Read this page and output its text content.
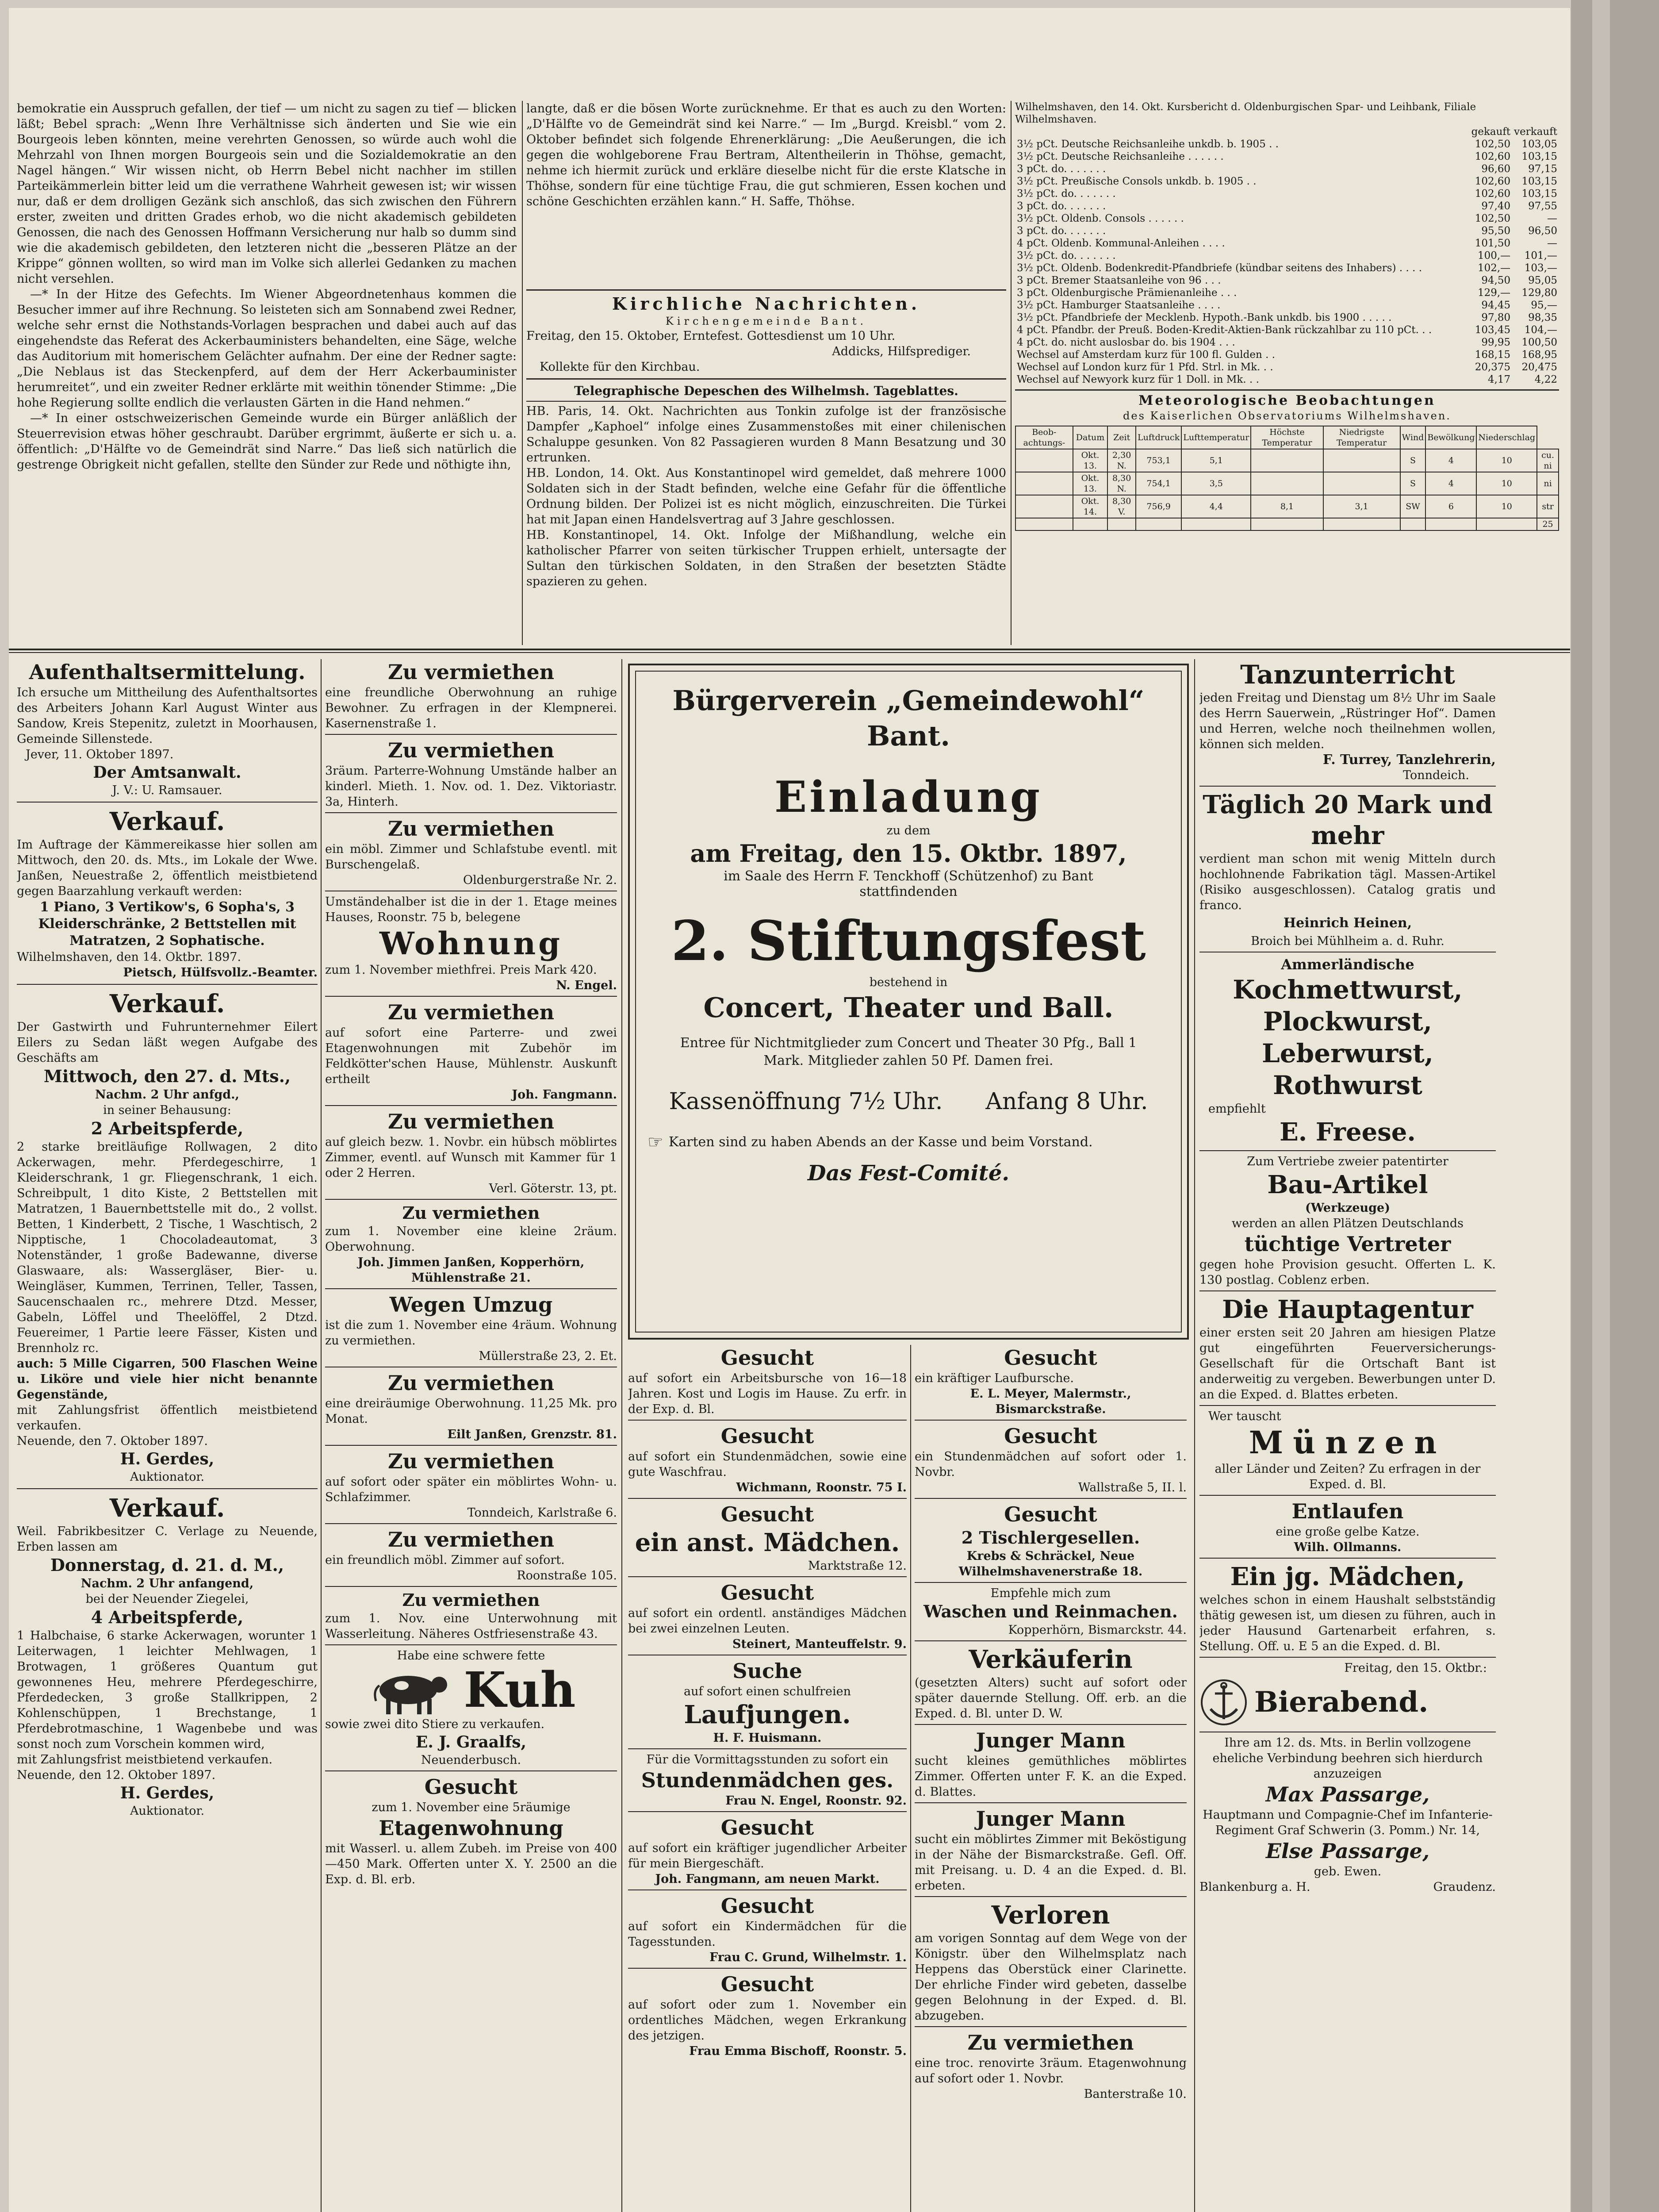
bemokratie ein Ausspruch gefallen, der tief — um nicht zu sagen zu tief — blicken läßt; Bebel sprach: „Wenn Ihre Verhältnisse sich änderten und Sie wie ein Bourgeois leben könnten, meine verehrten Genossen, so würde auch wohl die Mehrzahl von Ihnen morgen Bourgeois sein und die Sozialdemokratie an den Nagel hängen.“ Wir wissen nicht, ob Herrn Bebel nicht nachher im stillen Parteikämmerlein bitter leid um die verrathene Wahrheit gewesen ist; wir wissen nur, daß er dem drolligen Gezänk sich anschloß, das sich zwischen den Führern erster, zweiten und dritten Grades erhob, wo die nicht akademisch gebildeten Genossen, die nach des Genossen Hoffmann Versicherung nur halb so dumm sind wie die akademisch gebildeten, den letzteren nicht die „besseren Plätze an der Krippe“ gönnen wollten, so wird man im Volke sich allerlei Gedanken zu machen nicht versehlen.

—* In der Hitze des Gefechts. Im Wiener Abgeordnetenhaus kommen die Besucher immer auf ihre Rechnung. So leisteten sich am Sonnabend zwei Redner, welche sehr ernst die Nothstands-Vorlagen besprachen und dabei auch auf das eingehendste das Referat des Ackerbauministers behandelten, eine Säge, welche das Auditorium mit homerischem Gelächter aufnahm. Der eine der Redner sagte: „Die Neblaus ist das Steckenpferd, auf dem der Herr Ackerbauminister herumreitet“, und ein zweiter Redner erklärte mit weithin tönender Stimme: „Die hohe Regierung sollte endlich die verlausten Gärten in die Hand nehmen.“

—* In einer ostschweizerischen Gemeinde wurde ein Bürger anläßlich der Steuerrevision etwas höher geschraubt. Darüber ergrimmt, äußerte er sich u. a. öffentlich: „D'Hälfte vo de Gemeindrät sind Narre.“ Das ließ sich natürlich die gestrenge Obrigkeit nicht gefallen, stellte den Sünder zur Rede und nöthigte ihn,

langte, daß er die bösen Worte zurücknehme. Er that es auch zu den Worten: „D'Hälfte vo de Gemeindrät sind kei Narre.“ — Im „Burgd. Kreisbl.“ vom 2. Oktober befindet sich folgende Ehrenerklärung: „Die Aeußerungen, die ich gegen die wohlgeborene Frau Bertram, Altentheilerin in Thöhse, gemacht, nehme ich hiermit zurück und erkläre dieselbe nicht für die erste Klatsche in Thöhse, sondern für eine tüchtige Frau, die gut schmieren, Essen kochen und schöne Geschichten erzählen kann.“ H. Saffe, Thöhse.
Kirchliche Nachrichten.
Kirchengemeinde Bant.
Freitag, den 15. Oktober, Erntefest. Gottesdienst um 10 Uhr.
Addicks, Hilfsprediger.
Kollekte für den Kirchbau.
Telegraphische Depeschen des Wilhelmsh. Tageblattes.
HB. Paris, 14. Okt. Nachrichten aus Tonkin zufolge ist der französische Dampfer „Kaphoel“ infolge eines Zusammenstoßes mit einer chilenischen Schaluppe gesunken. Von 82 Passagieren wurden 8 Mann Besatzung und 30 ertrunken.
HB. London, 14. Okt. Aus Konstantinopel wird gemeldet, daß mehrere 1000 Soldaten sich in der Stadt befinden, welche eine Gefahr für die öffentliche Ordnung bilden. Der Polizei ist es nicht möglich, einzuschreiten. Die Türkei hat mit Japan einen Handelsvertrag auf 3 Jahre geschlossen.
HB. Konstantinopel, 14. Okt. Infolge der Mißhandlung, welche ein katholischer Pfarrer von seiten türkischer Truppen erhielt, untersagte der Sultan den türkischen Soldaten, in den Straßen der besetzten Städte spazieren zu gehen.
Wilhelmshaven, den 14. Okt. Kursbericht d. Oldenburgischen Spar- und Leihbank, Filiale Wilhelmshaven.
	gekauft	verkauft
3½ pCt. Deutsche Reichsanleihe unkdb. b. 1905 . .	102,50	103,05
3½ pCt. Deutsche Reichsanleihe . . . . . .	102,60	103,15
3 pCt. do. . . . . . .	96,60	97,15
3½ pCt. Preußische Consols unkdb. b. 1905 . .	102,60	103,15
3½ pCt. do. . . . . . .	102,60	103,15
3 pCt. do. . . . . . .	97,40	97,55
3½ pCt. Oldenb. Consols . . . . . .	102,50	—
3 pCt. do. . . . . . .	95,50	96,50
4 pCt. Oldenb. Kommunal-Anleihen . . . .	101,50	—
3½ pCt. do. . . . . . .	100,—	101,—
3½ pCt. Oldenb. Bodenkredit-Pfandbriefe (kündbar seitens des Inhabers) . . . .	102,—	103,—
3 pCt. Bremer Staatsanleihe von 96 . . .	94,50	95,05
3 pCt. Oldenburgische Prämienanleihe . . .	129,—	129,80
3½ pCt. Hamburger Staatsanleihe . . . .	94,45	95,—
3½ pCt. Pfandbriefe der Mecklenb. Hypoth.-Bank unkdb. bis 1900 . . . . .	97,80	98,35
4 pCt. Pfandbr. der Preuß. Boden-Kredit-Aktien-Bank rückzahlbar zu 110 pCt. . .	103,45	104,—
4 pCt. do. nicht auslosbar do. bis 1904 . . .	99,95	100,50
Wechsel auf Amsterdam kurz für 100 fl. Gulden . .	168,15	168,95
Wechsel auf London kurz für 1 Pfd. Strl. in Mk. . .	20,375	20,475
Wechsel auf Newyork kurz für 1 Doll. in Mk. . .	4,17	4,22
Meteorologische Beobachtungen
des Kaiserlichen Observatoriums Wilhelmshaven.
Beob-achtungs-	Datum	Zeit	Luftdruck	Lufttemperatur	Höchste Temperatur	Niedrigste Temperatur	Wind	Bewölkung	Niederschlag	
	Okt. 13.	2,30 N.	753,1	5,1			S	4	10	cu. ni
	Okt. 13.	8,30 N.	754,1	3,5			S	4	10	ni
	Okt. 14.	8,30 V.	756,9	4,4	8,1	3,1	SW	6	10	str
										25
Aufenthaltsermittelung.
Ich ersuche um Mittheilung des Aufenthaltsortes des Arbeiters Johann Karl August Winter aus Sandow, Kreis Stepenitz, zuletzt in Moorhausen, Gemeinde Sillenstede.
Jever, 11. Oktober 1897.
Der Amtsanwalt.
J. V.: U. Ramsauer.
Verkauf.
Im Auftrage der Kämmereikasse hier sollen am Mittwoch, den 20. ds. Mts., im Lokale der Wwe. Janßen, Neuestraße 2, öffentlich meistbietend gegen Baarzahlung verkauft werden:
1 Piano, 3 Vertikow's, 6 Sopha's, 3 Kleiderschränke, 2 Bettstellen mit Matratzen, 2 Sophatische.
Wilhelmshaven, den 14. Oktbr. 1897.
Pietsch, Hülfsvollz.-Beamter.
Verkauf.
Der Gastwirth und Fuhrunternehmer Eilert Eilers zu Sedan läßt wegen Aufgabe des Geschäfts am
Mittwoch, den 27. d. Mts.,
Nachm. 2 Uhr anfgd.,
in seiner Behausung:
2 Arbeitspferde,
2 starke breitläufige Rollwagen, 2 dito Ackerwagen, mehr. Pferdegeschirre, 1 Kleiderschrank, 1 gr. Fliegenschrank, 1 eich. Schreibpult, 1 dito Kiste, 2 Bettstellen mit Matratzen, 1 Bauernbettstelle mit do., 2 vollst. Betten, 1 Kinderbett, 2 Tische, 1 Waschtisch, 2 Nipptische, 1 Chocoladeautomat, 3 Notenständer, 1 große Badewanne, diverse Glaswaare, als: Wassergläser, Bier- u. Weingläser, Kummen, Terrinen, Teller, Tassen, Saucenschaalen rc., mehrere Dtzd. Messer, Gabeln, Löffel und Theelöffel, 2 Dtzd. Feuereimer, 1 Partie leere Fässer, Kisten und Brennholz rc.
auch: 5 Mille Cigarren, 500 Flaschen Weine u. Liköre und viele hier nicht benannte Gegenstände,
mit Zahlungsfrist öffentlich meistbietend verkaufen.
Neuende, den 7. Oktober 1897.
H. Gerdes,
Auktionator.
Verkauf.
Weil. Fabrikbesitzer C. Verlage zu Neuende, Erben lassen am
Donnerstag, d. 21. d. M.,
Nachm. 2 Uhr anfangend,
bei der Neuender Ziegelei,
4 Arbeitspferde,
1 Halbchaise, 6 starke Ackerwagen, worunter 1 Leiterwagen, 1 leichter Mehlwagen, 1 Brotwagen, 1 größeres Quantum gut gewonnenes Heu, mehrere Pferdegeschirre, Pferdedecken, 3 große Stallkrippen, 2 Kohlenschüppen, 1 Brechstange, 1 Pferdebrotmaschine, 1 Wagenbebe und was sonst noch zum Vorschein kommen wird,
mit Zahlungsfrist meistbietend verkaufen.
Neuende, den 12. Oktober 1897.
H. Gerdes,
Auktionator.
Zu vermiethen
eine freundliche Oberwohnung an ruhige Bewohner. Zu erfragen in der Klempnerei. Kasernenstraße 1.
Zu vermiethen
3räum. Parterre-Wohnung Umstände halber an kinderl. Mieth. 1. Nov. od. 1. Dez. Viktoriastr. 3a, Hinterh.
Zu vermiethen
ein möbl. Zimmer und Schlafstube eventl. mit Burschengelaß.
Oldenburgerstraße Nr. 2.
Umständehalber ist die in der 1. Etage meines Hauses, Roonstr. 75 b, belegene
Wohnung
zum 1. November miethfrei. Preis Mark 420.
N. Engel.
Zu vermiethen
auf sofort eine Parterre- und zwei Etagenwohnungen mit Zubehör im Feldkötter'schen Hause, Mühlenstr. Auskunft ertheilt
Joh. Fangmann.
Zu vermiethen
auf gleich bezw. 1. Novbr. ein hübsch möblirtes Zimmer, eventl. auf Wunsch mit Kammer für 1 oder 2 Herren.
Verl. Göterstr. 13, pt.
Zu vermiethen
zum 1. November eine kleine 2räum. Oberwohnung.
Joh. Jimmen Janßen, Kopperhörn, Mühlenstraße 21.
Wegen Umzug
ist die zum 1. November eine 4räum. Wohnung zu vermiethen.
Müllerstraße 23, 2. Et.
Zu vermiethen
eine dreiräumige Oberwohnung. 11,25 Mk. pro Monat.
Eilt Janßen, Grenzstr. 81.
Zu vermiethen
auf sofort oder später ein möblirtes Wohn- u. Schlafzimmer.
Tonndeich, Karlstraße 6.
Zu vermiethen
ein freundlich möbl. Zimmer auf sofort.
Roonstraße 105.
Zu vermiethen
zum 1. Nov. eine Unterwohnung mit Wasserleitung. Näheres Ostfriesenstraße 43.
Habe eine schwere fette
Kuh
sowie zwei dito Stiere zu verkaufen.
E. J. Graalfs,
Neuenderbusch.
Gesucht
zum 1. November eine 5räumige
Etagenwohnung
mit Wasserl. u. allem Zubeh. im Preise von 400—450 Mark. Offerten unter X. Y. 2500 an die Exp. d. Bl. erb.
Bürgerverein „Gemeindewohl“ Bant.
Einladung
zu dem
am Freitag, den 15. Oktbr. 1897,
im Saale des Herrn F. Tenckhoff (Schützenhof) zu Bant
stattfindenden
2. Stiftungsfest
bestehend in
Concert, Theater und Ball.
Entree für Nichtmitglieder zum Concert und Theater 30 Pfg., Ball 1 Mark. Mitglieder zahlen 50 Pf. Damen frei.
Kassenöffnung 7½ Uhr. Anfang 8 Uhr.
☞ Karten sind zu haben Abends an der Kasse und beim Vorstand.
Das Fest-Comité.
Gesucht
auf sofort ein Arbeitsbursche von 16—18 Jahren. Kost und Logis im Hause. Zu erfr. in der Exp. d. Bl.
Gesucht
auf sofort ein Stundenmädchen, sowie eine gute Waschfrau.
Wichmann, Roonstr. 75 I.
Gesucht
ein anst. Mädchen.
Marktstraße 12.
Gesucht
auf sofort ein ordentl. anständiges Mädchen bei zwei einzelnen Leuten.
Steinert, Manteuffelstr. 9.
Suche
auf sofort einen schulfreien
Laufjungen.
H. F. Huismann.
Für die Vormittagsstunden zu sofort ein
Stundenmädchen ges.
Frau N. Engel, Roonstr. 92.
Gesucht
auf sofort ein kräftiger jugendlicher Arbeiter für mein Biergeschäft.
Joh. Fangmann, am neuen Markt.
Gesucht
auf sofort ein Kindermädchen für die Tagesstunden.
Frau C. Grund, Wilhelmstr. 1.
Gesucht
auf sofort oder zum 1. November ein ordentliches Mädchen, wegen Erkrankung des jetzigen.
Frau Emma Bischoff, Roonstr. 5.
Gesucht
ein kräftiger Laufbursche.
E. L. Meyer, Malermstr., Bismarckstraße.
Gesucht
ein Stundenmädchen auf sofort oder 1. Novbr.
Wallstraße 5, II. l.
Gesucht
2 Tischlergesellen.
Krebs & Schräckel, Neue Wilhelmshavenerstraße 18.
Empfehle mich zum
Waschen und Reinmachen.
Kopperhörn, Bismarckstr. 44.
Verkäuferin
(gesetzten Alters) sucht auf sofort oder später dauernde Stellung. Off. erb. an die Exped. d. Bl. unter D. W.
Junger Mann
sucht kleines gemüthliches möblirtes Zimmer. Offerten unter F. K. an die Exped. d. Blattes.
Junger Mann
sucht ein möblirtes Zimmer mit Beköstigung in der Nähe der Bismarckstraße. Gefl. Off. mit Preisang. u. D. 4 an die Exped. d. Bl. erbeten.
Verloren
am vorigen Sonntag auf dem Wege von der Königstr. über den Wilhelmsplatz nach Heppens das Oberstück einer Clarinette. Der ehrliche Finder wird gebeten, dasselbe gegen Belohnung in der Exped. d. Bl. abzugeben.
Zu vermiethen
eine troc. renovirte 3räum. Etagenwohnung auf sofort oder 1. Novbr.
Banterstraße 10.
Tanzunterricht
jeden Freitag und Dienstag um 8½ Uhr im Saale des Herrn Sauerwein, „Rüstringer Hof“. Damen und Herren, welche noch theilnehmen wollen, können sich melden.
F. Turrey, Tanzlehrerin,
Tonndeich.
Täglich 20 Mark und mehr
verdient man schon mit wenig Mitteln durch hochlohnende Fabrikation tägl. Massen-Artikel (Risiko ausgeschlossen). Catalog gratis und franco.
Heinrich Heinen,
Broich bei Mühlheim a. d. Ruhr.
Ammerländische
Kochmettwurst,
Plockwurst,
Leberwurst,
Rothwurst
empfiehlt
E. Freese.
Zum Vertriebe zweier patentirter
Bau-Artikel
(Werkzeuge)
werden an allen Plätzen Deutschlands
tüchtige Vertreter
gegen hohe Provision gesucht. Offerten L. K. 130 postlag. Coblenz erben.
Die Hauptagentur
einer ersten seit 20 Jahren am hiesigen Platze gut eingeführten Feuerversicherungs-Gesellschaft für die Ortschaft Bant ist anderweitig zu vergeben. Bewerbungen unter D. an die Exped. d. Blattes erbeten.
Wer tauscht
Münzen
aller Länder und Zeiten? Zu erfragen in der Exped. d. Bl.
Entlaufen
eine große gelbe Katze.
Wilh. Ollmanns.
Ein jg. Mädchen,
welches schon in einem Haushalt selbstständig thätig gewesen ist, um diesen zu führen, auch in jeder Hausund Gartenarbeit erfahren, s. Stellung. Off. u. E 5 an die Exped. d. Bl.
Freitag, den 15. Oktbr.:
Bierabend.
Ihre am 12. ds. Mts. in Berlin vollzogene eheliche Verbindung beehren sich hierdurch anzuzeigen
Max Passarge,
Hauptmann und Compagnie-Chef im Infanterie-Regiment Graf Schwerin (3. Pomm.) Nr. 14,
Else Passarge,
geb. Ewen.
Blankenburg a. H.	Graudenz.
